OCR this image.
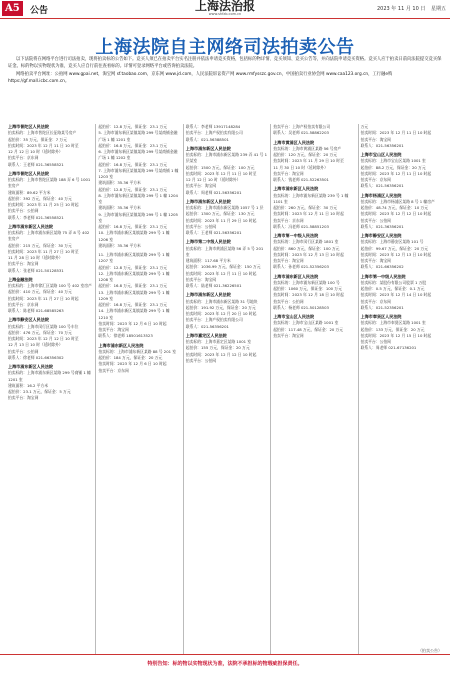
A5	公告	上海法治报
www.shfzb.com.cn
2023 年 11 月 10 日 星期五
上海法院自主网络司法拍卖公告

以下法院将在网络平台进行司法拍卖，现将拍卖标的公告如下。竞买人须已在拍卖平台实名注册并依法申请竞买资格，包括标的物详情、竞买须知、竞买公告等，并向法院申请竞买资格。竞买人应于拍卖日前向法院提交竞买保证金。标的物以实物现状为准，竞买人应自行前往查看标的。详情可登录网络平台或咨询拍卖法院。

网络拍卖平台网址：公拍网 www.gpai.net，淘宝网 sf.taobao.com，京东网 www.jd.com，人民法院诉讼资产网 www.rmfysszc.gov.cn，中国拍卖行业协会网 www.caa123.org.cn，工行融e购 https://gf.mall.icbc.com.cn。

上海市普陀区人民法院
拍卖标的：上海市普陀区长征路某号房产
起拍价：35 万元，保证金：7 万元
拍卖时间：2023 年 12 月 11 日 10 时至
12 月 12 日 10 时（延时除外）
拍卖平台：京东网
联系人：王老师 021-36558521
上海市普陀区人民法院
拍卖标的：上海市普陀区某路 188 弄 6 号 1001 室房产
建筑面积：89.62 平方米
起拍价：392 万元，保证金：40 万元
拍卖时间：2023 年 11 月 25 日 10 时起
拍卖平台：公拍网
联系人：李老师 021-36558521
上海市浦东新区人民法院
拍卖标的：上海市浦东新区某路 75 弄 8 号 402 室房产
起拍价：215 万元，保证金：30 万元
拍卖时间：2023 年 11 月 27 日 10 时至
11 月 28 日 10 时（延时除外）
拍卖平台：淘宝网
联系人：张老师 021-50128531
上海金融法院
拍卖标的：上海市徐汇区某路 100 号 402 室房产
起拍价：410 万元，保证金：40 万元
拍卖时间：2023 年 11 月 27 日 10 时起
拍卖平台：京东网
联系人：陈老师 021-68585263
上海市静安区人民法院
拍卖标的：上海市闵行区某路 100 号车位
起拍价：476 万元，保证金：70 万元
拍卖时间：2023 年 12 月 12 日 10 时至
12 月 13 日 10 时（延时除外）
拍卖平台：公拍网
联系人：徐老师 021-66356302
上海市浦东新区人民法院
拍卖标的：上海市浦东新区某路 299 号商铺 1 幢 1201 室
建筑面积：16.2 平方米
起拍价：23.1 万元，保证金：5 万元
拍卖平台：淘宝网
起拍价：12.8 万元，保证金：23.1 万元
5. 上海市浦东新区某镇某路 299 号某商铺金融广场 1 幢 1201 室
起拍价：16.8 万元，保证金：23.1 万元
6. 上海市浦东新区某镇某路 299 号某商铺金融广场 1 幢 1202 室
起拍价：16.8 万元，保证金：23.1 万元
7. 上海市浦东新区某镇某路 299 号某商铺 1 幢 1203 室
建筑面积：35.36 平方米
起拍价：12.8 万元，保证金：23.1 万元
8. 上海市浦东新区某镇某路 299 号 1 幢 1204 室
建筑面积：35.36 平方米
9. 上海市浦东新区某镇某路 299 号 1 幢 1205 室
起拍价：16.8 万元，保证金：23.1 万元
10. 上海市浦东新区某镇某路 299 号 1 幢 1206 室
建筑面积：35.36 平方米
11. 上海市浦东新区某镇某路 299 号 1 幢 1207 室
起拍价：12.8 万元，保证金：23.1 万元
12. 上海市浦东新区某镇某路 299 号 1 幢 1208 室
起拍价：16.8 万元，保证金：23.1 万元
13. 上海市浦东新区某镇某路 299 号 1 幢 1209 室
起拍价：16.8 万元，保证金：23.1 万元
14. 上海市浦东新区某镇某路 299 号 1 幢 1210 室
拍卖时间：2023 年 12 月 6 日 10 时起
拍卖平台：淘宝网
联系人：徐老师 18501613523
上海市浦东新区人民法院
拍卖标的：上海市浦东新区某路 88 号 201 室
起拍价：184 万元，保证金：20 万元
拍卖时间：2023 年 12 月 6 日 10 时起
拍卖平台：京东网
联系人：李老师 13917148284
拍卖平台：上海产权拍卖有限公司
联系人：021-56388501
上海市浦东新区人民法院
拍卖标的：上海市浦东新区某路 239 弄 41 号 1 层某室
起拍价：1500 万元，保证金：100 万元
拍卖时间：2023 年 12 月 11 日 10 时至
12 月 12 日 10 时（延时除外）
拍卖平台：淘宝网
联系人：周老师 021-56356201
上海市浦东新区人民法院
拍卖标的：上海市浦东新区某路 1057 号 1 层
起拍价：1300 万元，保证金：130 万元
拍卖时间：2023 年 11 月 29 日 10 时起
拍卖平台：公拍网
联系人：王老师 021-56356201
上海市第二中级人民法院
拍卖标的：上海市黄浦区某路 56 弄 5 号 201 室
建筑面积：117.68 平方米
起拍价：1036.99 万元，保证金：150 万元
拍卖时间：2023 年 12 月 11 日 10 时起
拍卖平台：淘宝网
联系人：陆老师 021-36226501
上海市浦东新区人民法院
拍卖标的：上海市浦东新区某路 31 号地块
起拍价：191.92 万元，保证金：20 万元
拍卖时间：2023 年 12 月 20 日 10 时起
拍卖平台：上海产权拍卖有限公司
联系人：021-56356201
上海市嘉定区人民法院
拍卖标的：上海市嘉定区某路 1001 室
起拍价：155 万元，保证金：20 万元
拍卖时间：2023 年 12 月 12 日 10 时起
拍卖平台：公拍网
拍卖平台：上海产权拍卖有限公司
联系人：吴老师 021-58862203
上海市黄浦区人民法院
拍卖标的：上海市黄浦区某路 56 号房产
起拍价：120 万元，保证金：20 万元
拍卖时间：2023 年 11 月 29 日 10 时至
11 月 30 日 10 时（延时除外）
拍卖平台：淘宝网
联系人：钱老师 021-52263501
上海市浦东新区人民法院
拍卖标的：上海市浦东新区某路 239 号 1 幢 1101 室
起拍价：260 万元，保证金：30 万元
拍卖时间：2023 年 12 月 11 日 10 时起
拍卖平台：京东网
联系人：冯老师 021-58851203
上海市第一中级人民法院
拍卖标的：上海市闵行区某路 1801 室
起拍价：860 万元，保证金：100 万元
拍卖时间：2023 年 12 月 13 日 10 时起
拍卖平台：淘宝网
联系人：孙老师 021-52356203
上海市浦东新区人民法院
拍卖标的：上海市浦东新区某路 100 号
起拍价：1060 万元，保证金：100 万元
拍卖时间：2023 年 12 月 18 日 10 时起
拍卖平台：公拍网
联系人：杨老师 021-50128503
上海市宝山区人民法院
拍卖标的：上海市宝山区某路 1001 室
起拍价：117.48 万元，保证金：20 万元
拍卖平台：淘宝网
万元
拍卖时间：2023 年 12 月 11 日 10 时起
拍卖平台：淘宝网
联系人：021-56356201
上海市宝山区人民法院
拍卖标的：上海市宝山区某路 1001 室
起拍价：88.2 万元，保证金：20 万元
拍卖时间：2023 年 12 月 11 日 10 时起
拍卖平台：京东网
联系人：021-56356201
上海市杨浦区人民法院
拍卖标的：上海市杨浦区某路 8 号 1 幢房产
起拍价：48.74 万元，保证金：10 万元
拍卖时间：2023 年 12 月 12 日 10 时起
拍卖平台：公拍网
联系人：021-36356201
上海市静安区人民法院
拍卖标的：上海市静安区某路 101 号
起拍价：99.67 万元，保证金：20 万元
拍卖时间：2023 年 12 月 13 日 10 时起
拍卖平台：淘宝网
联系人：021-66356202
上海市第一中级人民法院
拍卖标的：某股份有限公司股票 1 万股
起拍价：0.5 万元，保证金：0.1 万元
拍卖时间：2023 年 12 月 14 日 10 时起
拍卖平台：京东网
联系人：021-52356201
上海市奉贤区人民法院
拍卖标的：上海市奉贤区某路 1001 室
起拍价：133 万元，保证金：20 万元
拍卖时间：2023 年 12 月 15 日 10 时起
拍卖平台：公拍网
联系人：周老师 021-67136201
（拍卖公告）
特别告知：标的物以实物现状为准，法院不承担标的物瑕疵担保责任。
